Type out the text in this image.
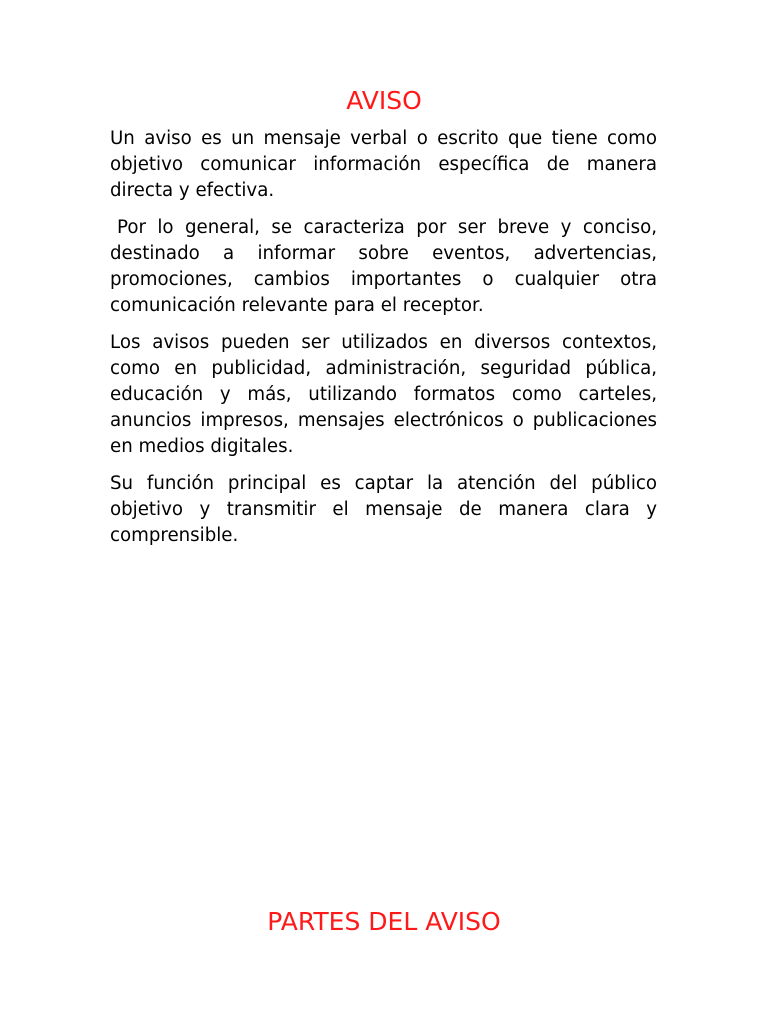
AVISO

Un aviso es un mensaje verbal o escrito que tiene como objetivo comunicar información específica de manera directa y efectiva.

Por lo general, se caracteriza por ser breve y conciso, destinado a informar sobre eventos, advertencias, promociones, cambios importantes o cualquier otra comunicación relevante para el receptor.

Los avisos pueden ser utilizados en diversos contextos, como en publicidad, administración, seguridad pública, educación y más, utilizando formatos como carteles, anuncios impresos, mensajes electrónicos o publicaciones en medios digitales.

Su función principal es captar la atención del público objetivo y transmitir el mensaje de manera clara y comprensible.

PARTES DEL AVISO
